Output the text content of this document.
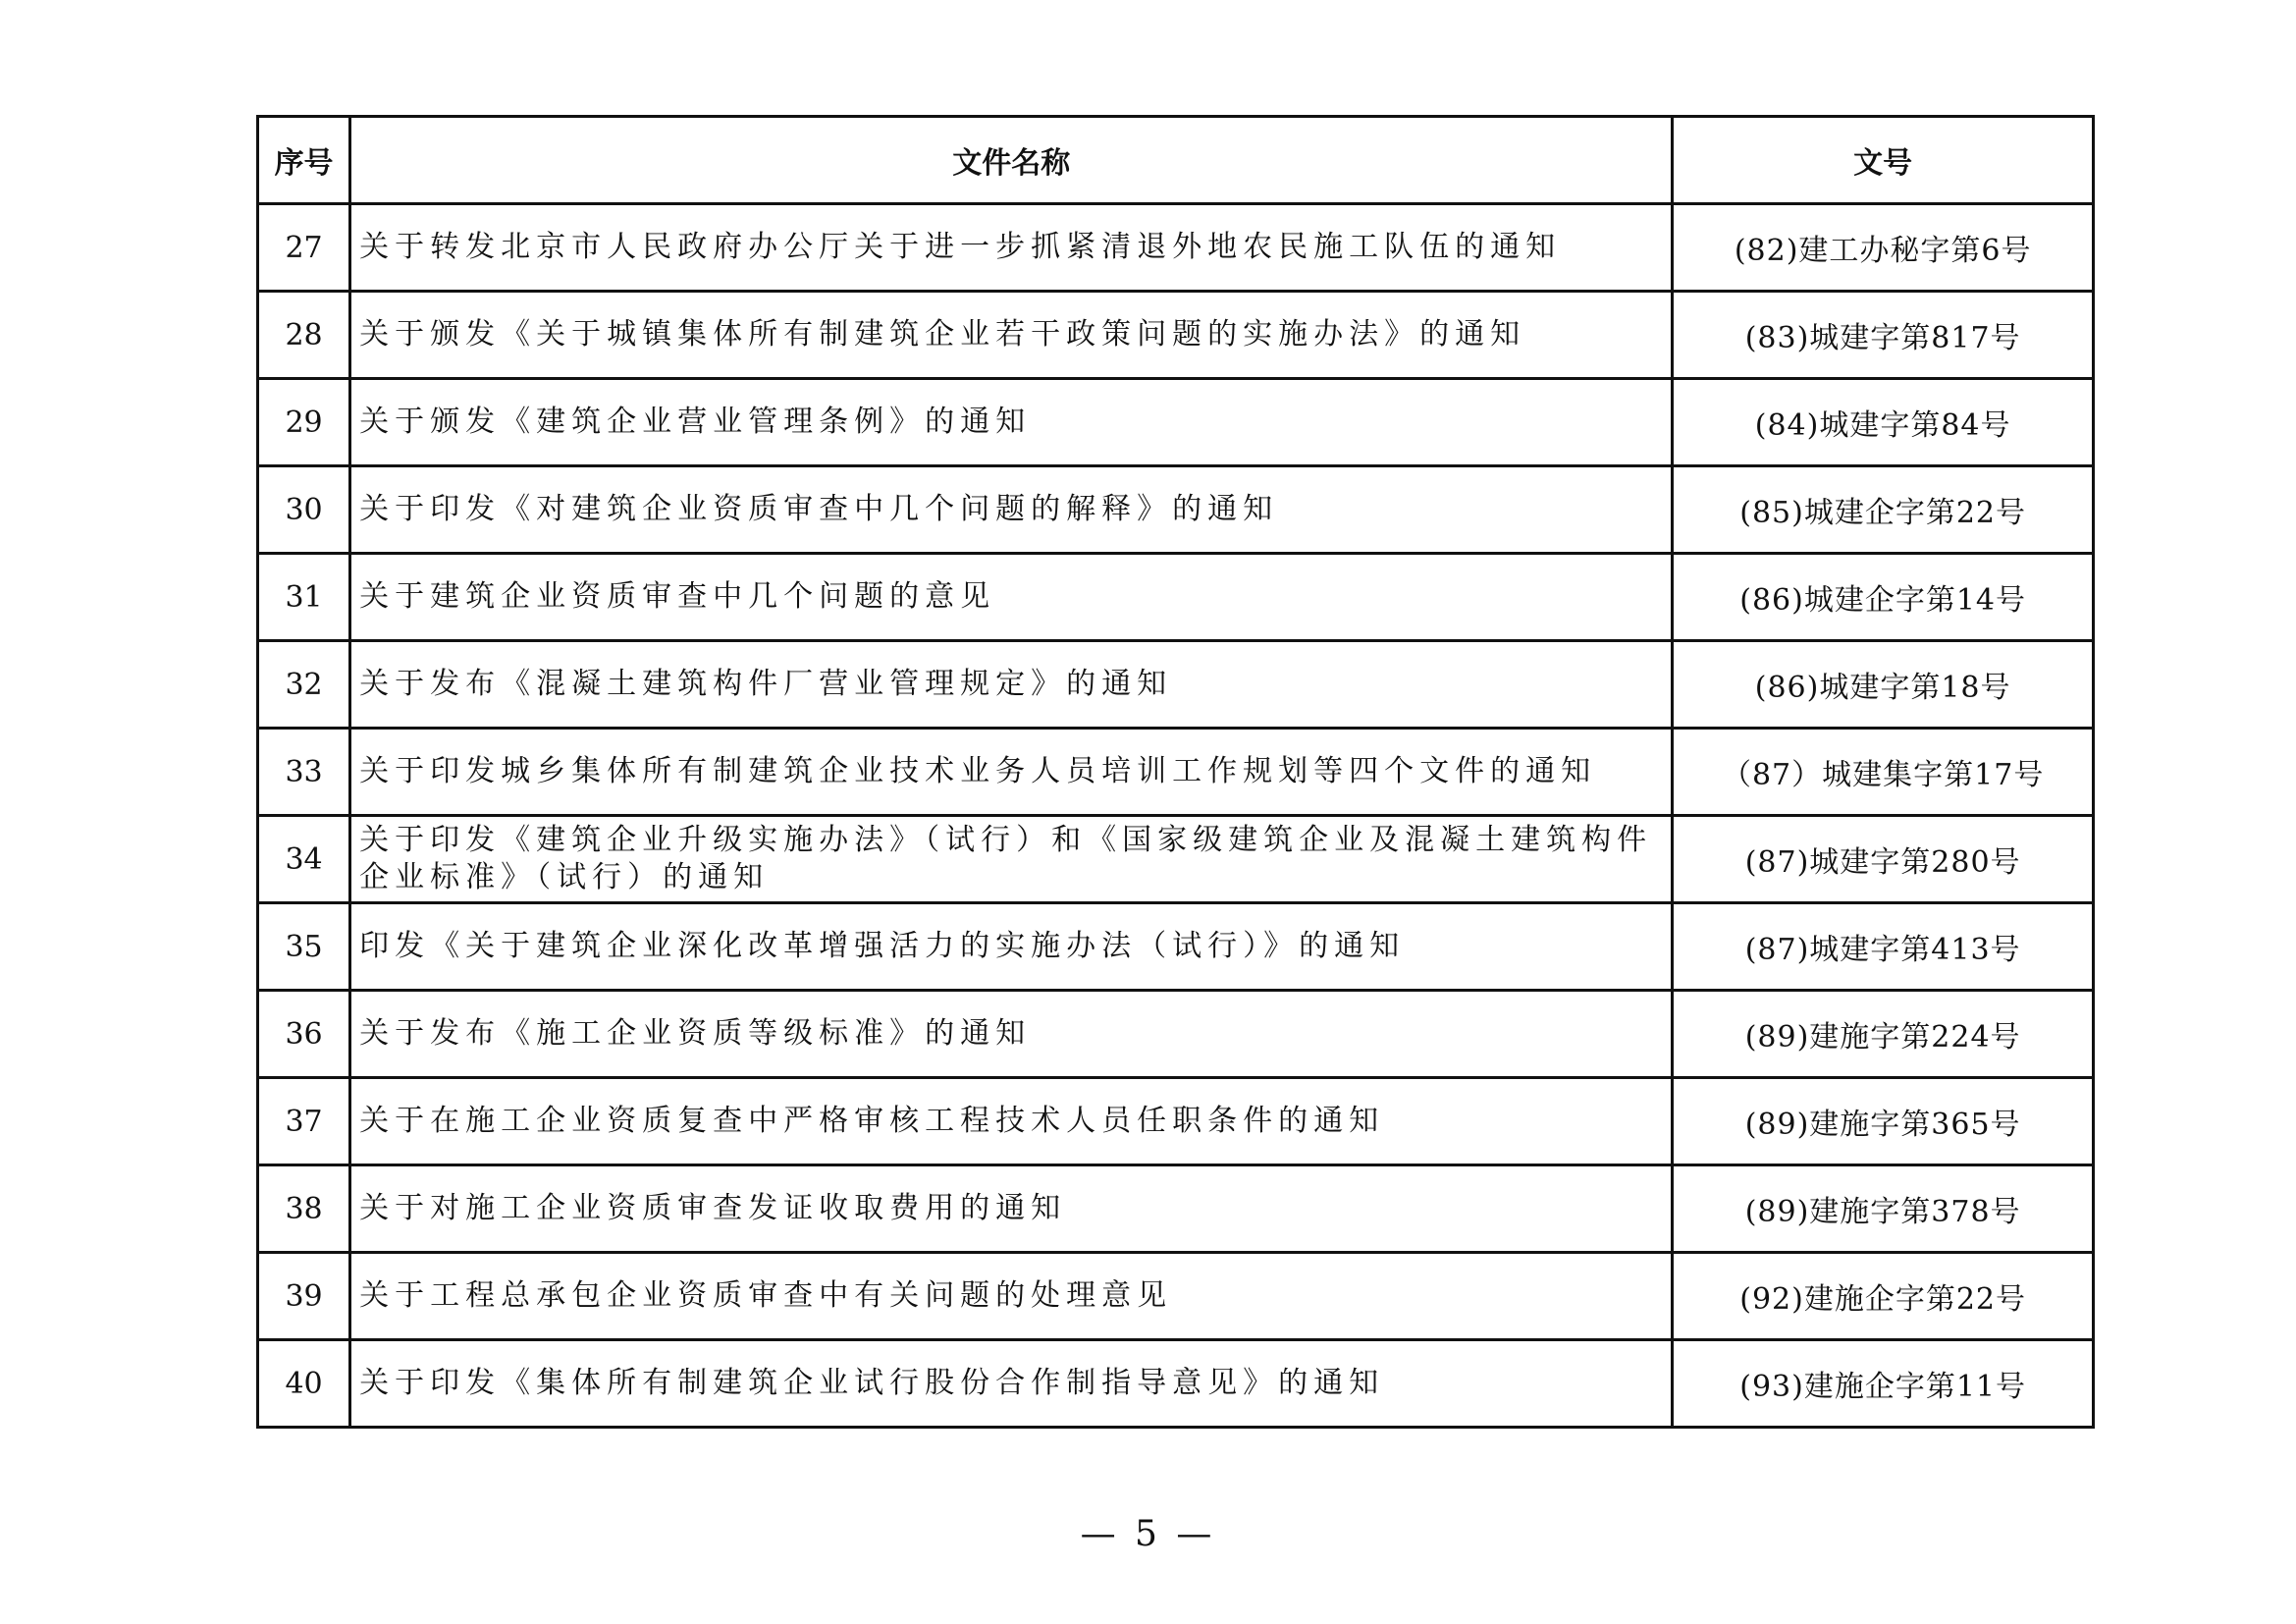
序号	文件名称	文号
27	关于转发北京市人民政府办公厅关于进一步抓紧清退外地农民施工队伍的通知	(82)建工办秘字第6号
28	关于颁发《关于城镇集体所有制建筑企业若干政策问题的实施办法》的通知	(83)城建字第817号
29	关于颁发《建筑企业营业管理条例》的通知	(84)城建字第84号
30	关于印发《对建筑企业资质审查中几个问题的解释》的通知	(85)城建企字第22号
31	关于建筑企业资质审查中几个问题的意见	(86)城建企字第14号
32	关于发布《混凝土建筑构件厂营业管理规定》的通知	(86)城建字第18号
33	关于印发城乡集体所有制建筑企业技术业务人员培训工作规划等四个文件的通知	（87）城建集字第17号
34	关于印发《建筑企业升级实施办法》（试行）和《国家级建筑企业及混凝土建筑构件企业标准》（试行）的通知	(87)城建字第280号
35	印发《关于建筑企业深化改革增强活力的实施办法（试行）》的通知	(87)城建字第413号
36	关于发布《施工企业资质等级标准》的通知	(89)建施字第224号
37	关于在施工企业资质复查中严格审核工程技术人员任职条件的通知	(89)建施字第365号
38	关于对施工企业资质审查发证收取费用的通知	(89)建施字第378号
39	关于工程总承包企业资质审查中有关问题的处理意见	(92)建施企字第22号
40	关于印发《集体所有制建筑企业试行股份合作制指导意见》的通知	(93)建施企字第11号
— 5 —
